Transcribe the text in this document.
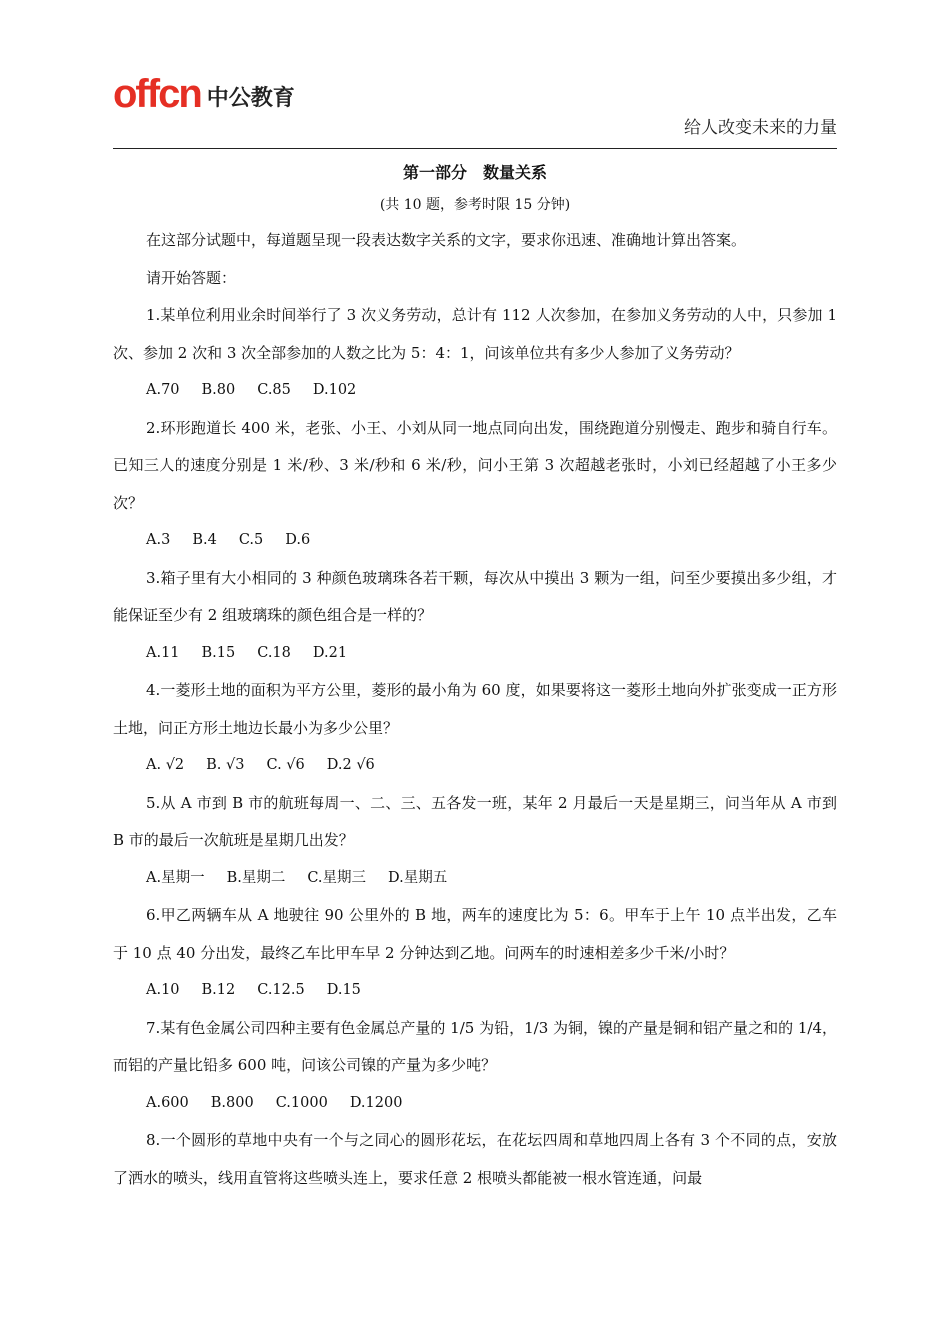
offcn 中公教育
给人改变未来的力量
第一部分　数量关系
(共 10 题，参考时限 15 分钟)

在这部分试题中，每道题呈现一段表达数字关系的文字，要求你迅速、准确地计算出答案。

请开始答题：

1.某单位利用业余时间举行了 3 次义务劳动，总计有 112 人次参加，在参加义务劳动的人中，只参加 1 次、参加 2 次和 3 次全部参加的人数之比为 5：4：1，问该单位共有多少人参加了义务劳动？
A.70 B.80 C.85 D.102
2.环形跑道长 400 米，老张、小王、小刘从同一地点同向出发，围绕跑道分别慢走、跑步和骑自行车。已知三人的速度分别是 1 米/秒、3 米/秒和 6 米/秒，问小王第 3 次超越老张时，小刘已经超越了小王多少次？
A.3 B.4 C.5 D.6
3.箱子里有大小相同的 3 种颜色玻璃珠各若干颗，每次从中摸出 3 颗为一组，问至少要摸出多少组，才能保证至少有 2 组玻璃珠的颜色组合是一样的？
A.11 B.15 C.18 D.21
4.一菱形土地的面积为平方公里，菱形的最小角为 60 度，如果要将这一菱形土地向外扩张变成一正方形土地，问正方形土地边长最小为多少公里？
A. √2 B. √3 C. √6 D.2 √6
5.从 A 市到 B 市的航班每周一、二、三、五各发一班，某年 2 月最后一天是星期三，问当年从 A 市到 B 市的最后一次航班是星期几出发？
A.星期一 B.星期二 C.星期三 D.星期五
6.甲乙两辆车从 A 地驶往 90 公里外的 B 地，两车的速度比为 5：6。甲车于上午 10 点半出发，乙车于 10 点 40 分出发，最终乙车比甲车早 2 分钟达到乙地。问两车的时速相差多少千米/小时？
A.10 B.12 C.12.5 D.15
7.某有色金属公司四种主要有色金属总产量的 1/5 为铅，1/3 为铜，镍的产量是铜和铝产量之和的 1/4，而铝的产量比铅多 600 吨，问该公司镍的产量为多少吨？
A.600 B.800 C.1000 D.1200
8.一个圆形的草地中央有一个与之同心的圆形花坛，在花坛四周和草地四周上各有 3 个不同的点，安放了洒水的喷头，线用直管将这些喷头连上，要求任意 2 根喷头都能被一根水管连通，问最
